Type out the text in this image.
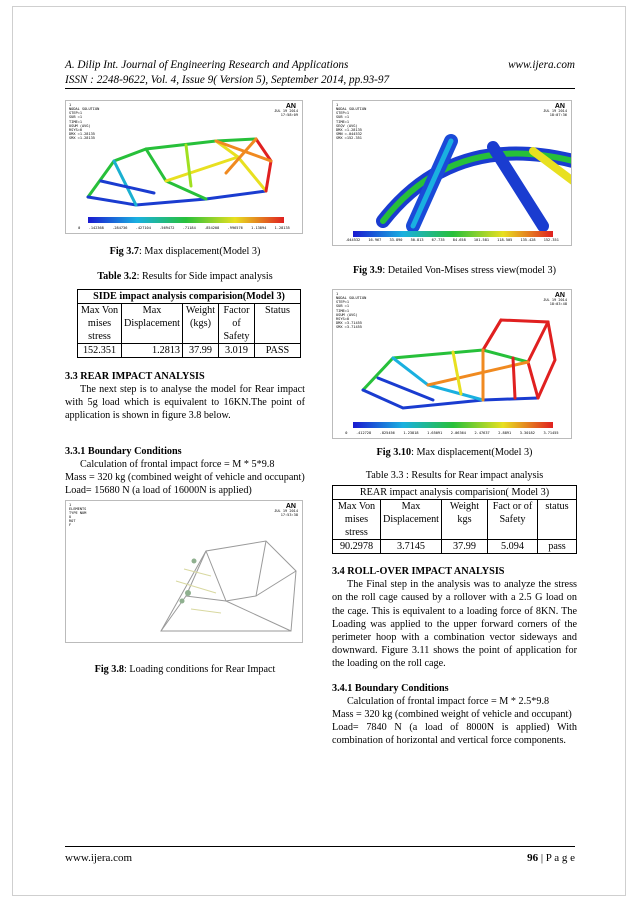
A. Dilip Int. Journal of Engineering Research and Applications	www.ijera.com
ISSN : 2248-9622, Vol. 4, Issue 9( Version 5), September 2014, pp.93-97
1
NODAL SOLUTION
STEP=1
SUB =1
TIME=1
USUM (AVG)
RSYS=0
DMX =1.28135
SMX =1.28135
AN
JUL 19 2014
17:58:09
0 .142368 .284736 .427104 .569472 .71184 .854208 .996576 1.13894 1.28135
Fig 3.7: Max displacement(Model 3)
Table 3.2: Results for Side impact analysis
SIDE impact analysis comparision(Model 3)				
Max Von mises stress	Max Displacement	Weight (kgs)	Factor of Safety	Status
152.351	1.2813	37.99	3.019	PASS
3.3 REAR IMPACT ANALYSIS
The next step is to analyse the model for Rear impact with 5g load which is equivalent to 16KN.The point of application is shown in figure 3.8 below.
3.3.1 Boundary Conditions
Calculation of frontal impact force = M * 5*9.8
Mass = 320 kg (combined weight of vehicle and occupant)
Load= 15680 N (a load of 16000N is applied)
1
ELEMENTS
TYPE NUM
U
ROT
F
AN
JUL 19 2014
17:53:38
Fig 3.8: Loading conditions for Rear Impact
1
NODAL SOLUTION
STEP=1
SUB =1
TIME=1
SEQV (AVG)
DMX =1.28135
SMN =.044532
SMX =152.351
AN
JUL 19 2014
18:07:36
.044532 16.967 33.890 50.813 67.735 84.658 101.581 118.505 135.428 152.351
Fig 3.9: Detailed Von-Mises stress view(model 3)
1
NODAL SOLUTION
STEP=1
SUB =1
TIME=1
USUM (AVG)
RSYS=0
DMX =3.71455
SMX =3.71455
AN
JUL 19 2014
18:03:48
0 .412728 .825456 1.23818 1.65091 2.06364 2.47637 2.8891 3.30182 3.71455
Fig 3.10: Max displacement(Model 3)
Table 3.3 : Results for Rear impact analysis
REAR impact analysis comparision( Model 3)				
Max Von mises stress	Max Displacement	Weight kgs	Fact or of Safety	status
90.2978	3.7145	37.99	5.094	pass
3.4 ROLL-OVER IMPACT ANALYSIS
The Final step in the analysis was to analyze the stress on the roll cage caused by a rollover with a 2.5 G load on the cage. This is equivalent to a loading force of 8KN. The Loading was applied to the upper forward corners of the perimeter hoop with a combination vector sideways and downward. Figure 3.11 shows the point of application for the loading on the roll cage.
3.4.1 Boundary Conditions
Calculation of frontal impact force = M * 2.5*9.8
Mass = 320 kg (combined weight of vehicle and occupant)
Load= 7840 N (a load of 8000N is applied) With combination of horizontal and vertical force components.
www.ijera.com	96 | P a g e
